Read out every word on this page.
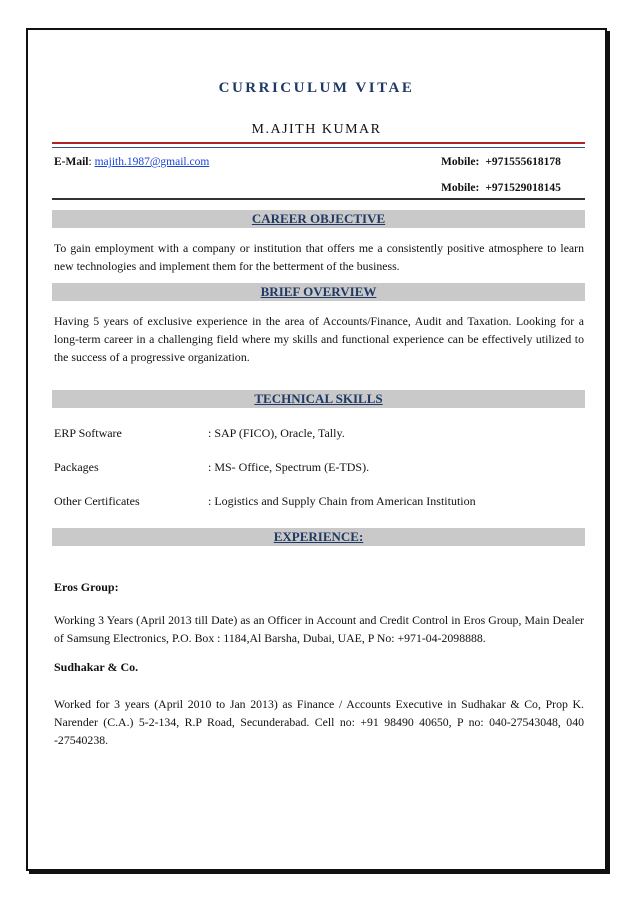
CURRICULUM VITAE
M.AJITH KUMAR
E-Mail: majith.1987@gmail.com	Mobile: +971555618178
Mobile: +971529018145
CAREER OBJECTIVE
To gain employment with a company or institution that offers me a consistently positive atmosphere to learn new technologies and implement them for the betterment of the business.
BRIEF OVERVIEW
Having 5 years of exclusive experience in the area of Accounts/Finance, Audit and Taxation. Looking for a long-term career in a challenging field where my skills and functional experience can be effectively utilized to the success of a progressive organization.
TECHNICAL SKILLS
ERP Software	: SAP (FICO), Oracle, Tally.
Packages	: MS- Office, Spectrum (E-TDS).
Other Certificates	: Logistics and Supply Chain from American Institution
EXPERIENCE:
Eros Group:
Working 3 Years (April 2013 till Date) as an Officer in Account and Credit Control in Eros Group, Main Dealer of Samsung Electronics, P.O. Box : 1184,Al Barsha, Dubai, UAE, P No: +971-04-2098888.
Sudhakar & Co.
Worked for 3 years (April 2010 to Jan 2013) as Finance / Accounts Executive in Sudhakar & Co, Prop K. Narender (C.A.) 5-2-134, R.P Road, Secunderabad. Cell no: +91 98490 40650, P no: 040-27543048, 040 -27540238.
